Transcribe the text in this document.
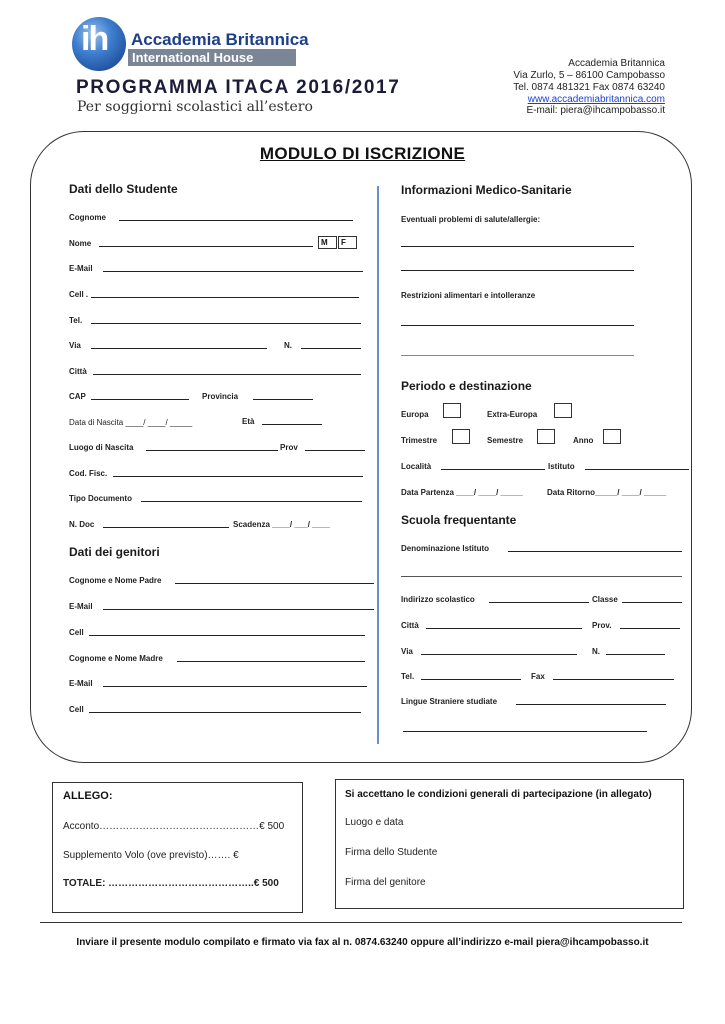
ih Accademia Britannica
International House
PROGRAMMA ITACA 2016/2017
Per soggiorni scolastici all’estero
Accademia Britannica
Via Zurlo, 5 – 86100 Campobasso
Tel. 0874 481321 Fax 0874 63240
www.accademiabritannica.com
E-mail: piera@ihcampobasso.it
MODULO DI ISCRIZIONE
Dati dello Studente
Cognome
Nome	M	F
E-Mail
Cell .
Tel.
Via	N.
Città
CAP	Provincia
Data di Nascita ____/ ____/ _____	Età
Luogo di Nascita	Prov
Cod. Fisc.
Tipo Documento
N. Doc	Scadenza ____/ ___/ ____
Dati dei genitori
Cognome e Nome Padre
E-Mail
Cell
Cognome e Nome Madre
E-Mail
Cell
Informazioni Medico-Sanitarie
Eventuali problemi di salute/allergie:
Restrizioni alimentari e intolleranze
Periodo e destinazione
Europa	Extra-Europa
Trimestre	Semestre	Anno
Località	Istituto
Data Partenza ____/ ____/ _____	Data Ritorno_____/ ____/ _____
Scuola frequentante
Denominazione Istituto
Indirizzo scolastico	Classe
Città	Prov.
Via	N.
Tel.	Fax
Lingue Straniere studiate
ALLEGO:
Acconto…………………………………………€ 500
Supplemento Volo (ove previsto)……. €
TOTALE: ……………………………………..€ 500
Si accettano le condizioni generali di partecipazione (in allegato)
Luogo e data
Firma dello Studente
Firma del genitore
Inviare il presente modulo compilato e firmato via fax al n. 0874.63240 oppure all’indirizzo e-mail piera@ihcampobasso.it
